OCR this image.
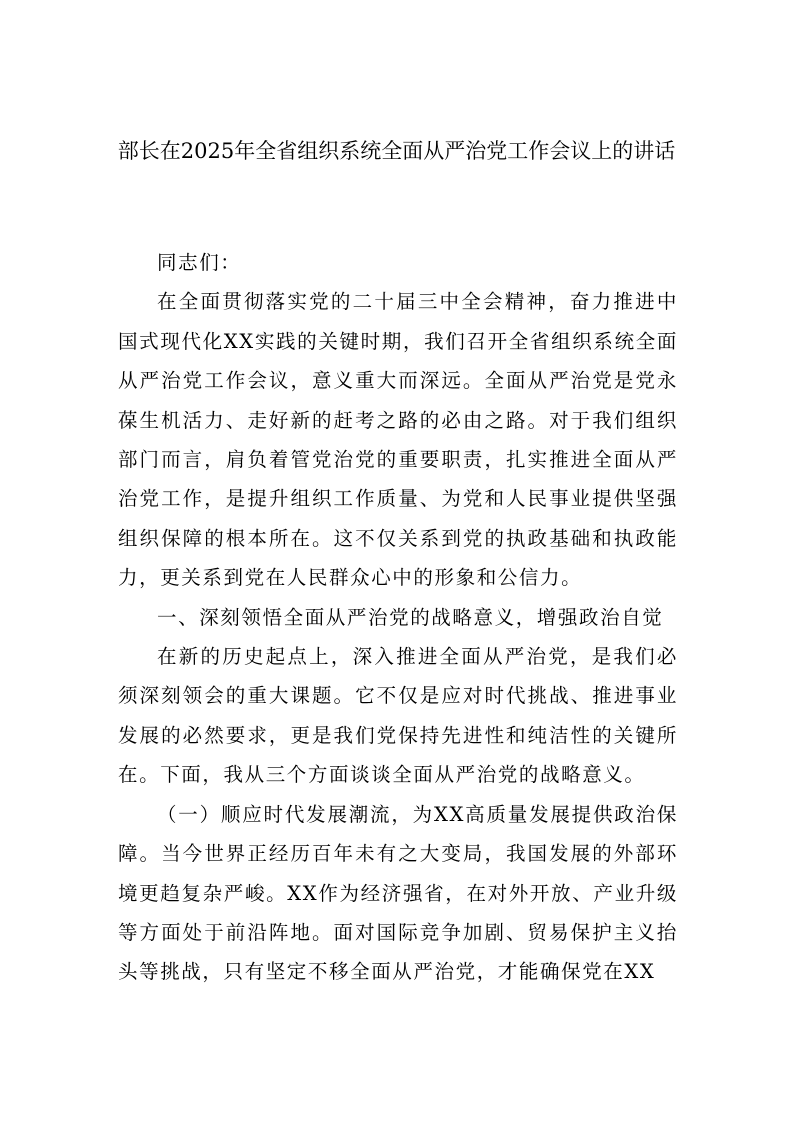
部长在2025年全省组织系统全面从严治党工作会议上的讲话

同志们：

在全面贯彻落实党的二十届三中全会精神，奋力推进中国式现代化XX实践的关键时期，我们召开全省组织系统全面从严治党工作会议，意义重大而深远。全面从严治党是党永葆生机活力、走好新的赶考之路的必由之路。对于我们组织部门而言，肩负着管党治党的重要职责，扎实推进全面从严治党工作，是提升组织工作质量、为党和人民事业提供坚强组织保障的根本所在。这不仅关系到党的执政基础和执政能力，更关系到党在人民群众心中的形象和公信力。

一、深刻领悟全面从严治党的战略意义，增强政治自觉

在新的历史起点上，深入推进全面从严治党，是我们必须深刻领会的重大课题。它不仅是应对时代挑战、推进事业发展的必然要求，更是我们党保持先进性和纯洁性的关键所在。下面，我从三个方面谈谈全面从严治党的战略意义。

（一）顺应时代发展潮流，为XX高质量发展提供政治保障。当今世界正经历百年未有之大变局，我国发展的外部环境更趋复杂严峻。XX作为经济强省，在对外开放、产业升级等方面处于前沿阵地。面对国际竞争加剧、贸易保护主义抬头等挑战，只有坚定不移全面从严治党，才能确保党在XX
